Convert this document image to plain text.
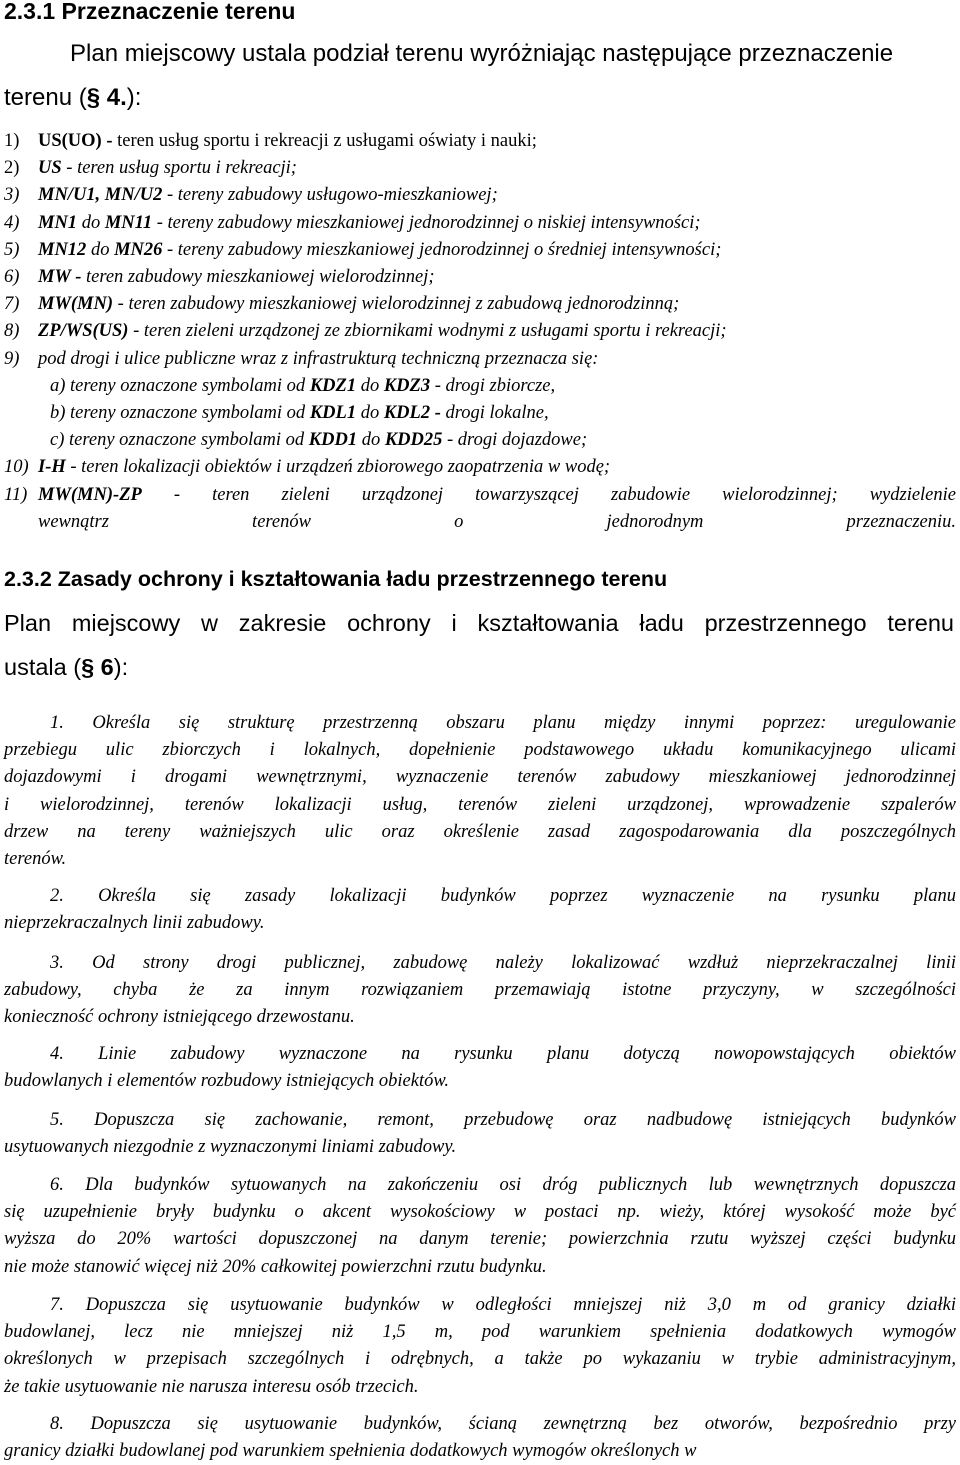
2.3.1 Przeznaczenie terenu
Plan miejscowy ustala podział terenu wyróżniając następujące przeznaczenie
terenu (§ 4.):
1) US(UO) - teren usług sportu i rekreacji z usługami oświaty i nauki;
2) US - teren usług sportu i rekreacji;
3) MN/U1, MN/U2 - tereny zabudowy usługowo-mieszkaniowej;
4) MN1 do MN11 - tereny zabudowy mieszkaniowej jednorodzinnej o niskiej intensywności;
5) MN12 do MN26 - tereny zabudowy mieszkaniowej jednorodzinnej o średniej intensywności;
6) MW - teren zabudowy mieszkaniowej wielorodzinnej;
7) MW(MN) - teren zabudowy mieszkaniowej wielorodzinnej z zabudową jednorodzinną;
8) ZP/WS(US) - teren zieleni urządzonej ze zbiornikami wodnymi z usługami sportu i rekreacji;
9) pod drogi i ulice publiczne wraz z infrastrukturą techniczną przeznacza się:
a) tereny oznaczone symbolami od KDZ1 do KDZ3 - drogi zbiorcze,
b) tereny oznaczone symbolami od KDL1 do KDL2 - drogi lokalne,
c) tereny oznaczone symbolami od KDD1 do KDD25 - drogi dojazdowe;
10) I-H - teren lokalizacji obiektów i urządzeń zbiorowego zaopatrzenia w wodę;
11) MW(MN)-ZP - teren zieleni urządzonej towarzyszącej zabudowie wielorodzinnej; wydzielenie
wewnątrz terenów o jednorodnym przeznaczeniu.
2.3.2 Zasady ochrony i kształtowania ładu przestrzennego terenu
Plan miejscowy w zakresie ochrony i kształtowania ładu przestrzennego terenu
ustala (§ 6):
1. Określa się strukturę przestrzenną obszaru planu między innymi poprzez: uregulowanie
przebiegu ulic zbiorczych i lokalnych, dopełnienie podstawowego układu komunikacyjnego ulicami
dojazdowymi i drogami wewnętrznymi, wyznaczenie terenów zabudowy mieszkaniowej jednorodzinnej
i wielorodzinnej, terenów lokalizacji usług, terenów zieleni urządzonej, wprowadzenie szpalerów
drzew na tereny ważniejszych ulic oraz określenie zasad zagospodarowania dla poszczególnych
terenów.
2. Określa się zasady lokalizacji budynków poprzez wyznaczenie na rysunku planu
nieprzekraczalnych linii zabudowy.
3. Od strony drogi publicznej, zabudowę należy lokalizować wzdłuż nieprzekraczalnej linii
zabudowy, chyba że za innym rozwiązaniem przemawiają istotne przyczyny, w szczególności
konieczność ochrony istniejącego drzewostanu.
4. Linie zabudowy wyznaczone na rysunku planu dotyczą nowopowstających obiektów
budowlanych i elementów rozbudowy istniejących obiektów.
5. Dopuszcza się zachowanie, remont, przebudowę oraz nadbudowę istniejących budynków
usytuowanych niezgodnie z wyznaczonymi liniami zabudowy.
6. Dla budynków sytuowanych na zakończeniu osi dróg publicznych lub wewnętrznych dopuszcza
się uzupełnienie bryły budynku o akcent wysokościowy w postaci np. wieży, której wysokość może być
wyższa do 20% wartości dopuszczonej na danym terenie; powierzchnia rzutu wyższej części budynku
nie może stanowić więcej niż 20% całkowitej powierzchni rzutu budynku.
7. Dopuszcza się usytuowanie budynków w odległości mniejszej niż 3,0 m od granicy działki
budowlanej, lecz nie mniejszej niż 1,5 m, pod warunkiem spełnienia dodatkowych wymogów
określonych w przepisach szczególnych i odrębnych, a także po wykazaniu w trybie administracyjnym,
że takie usytuowanie nie narusza interesu osób trzecich.
8. Dopuszcza się usytuowanie budynków, ścianą zewnętrzną bez otworów, bezpośrednio przy
granicy działki budowlanej pod warunkiem spełnienia dodatkowych wymogów określonych w
